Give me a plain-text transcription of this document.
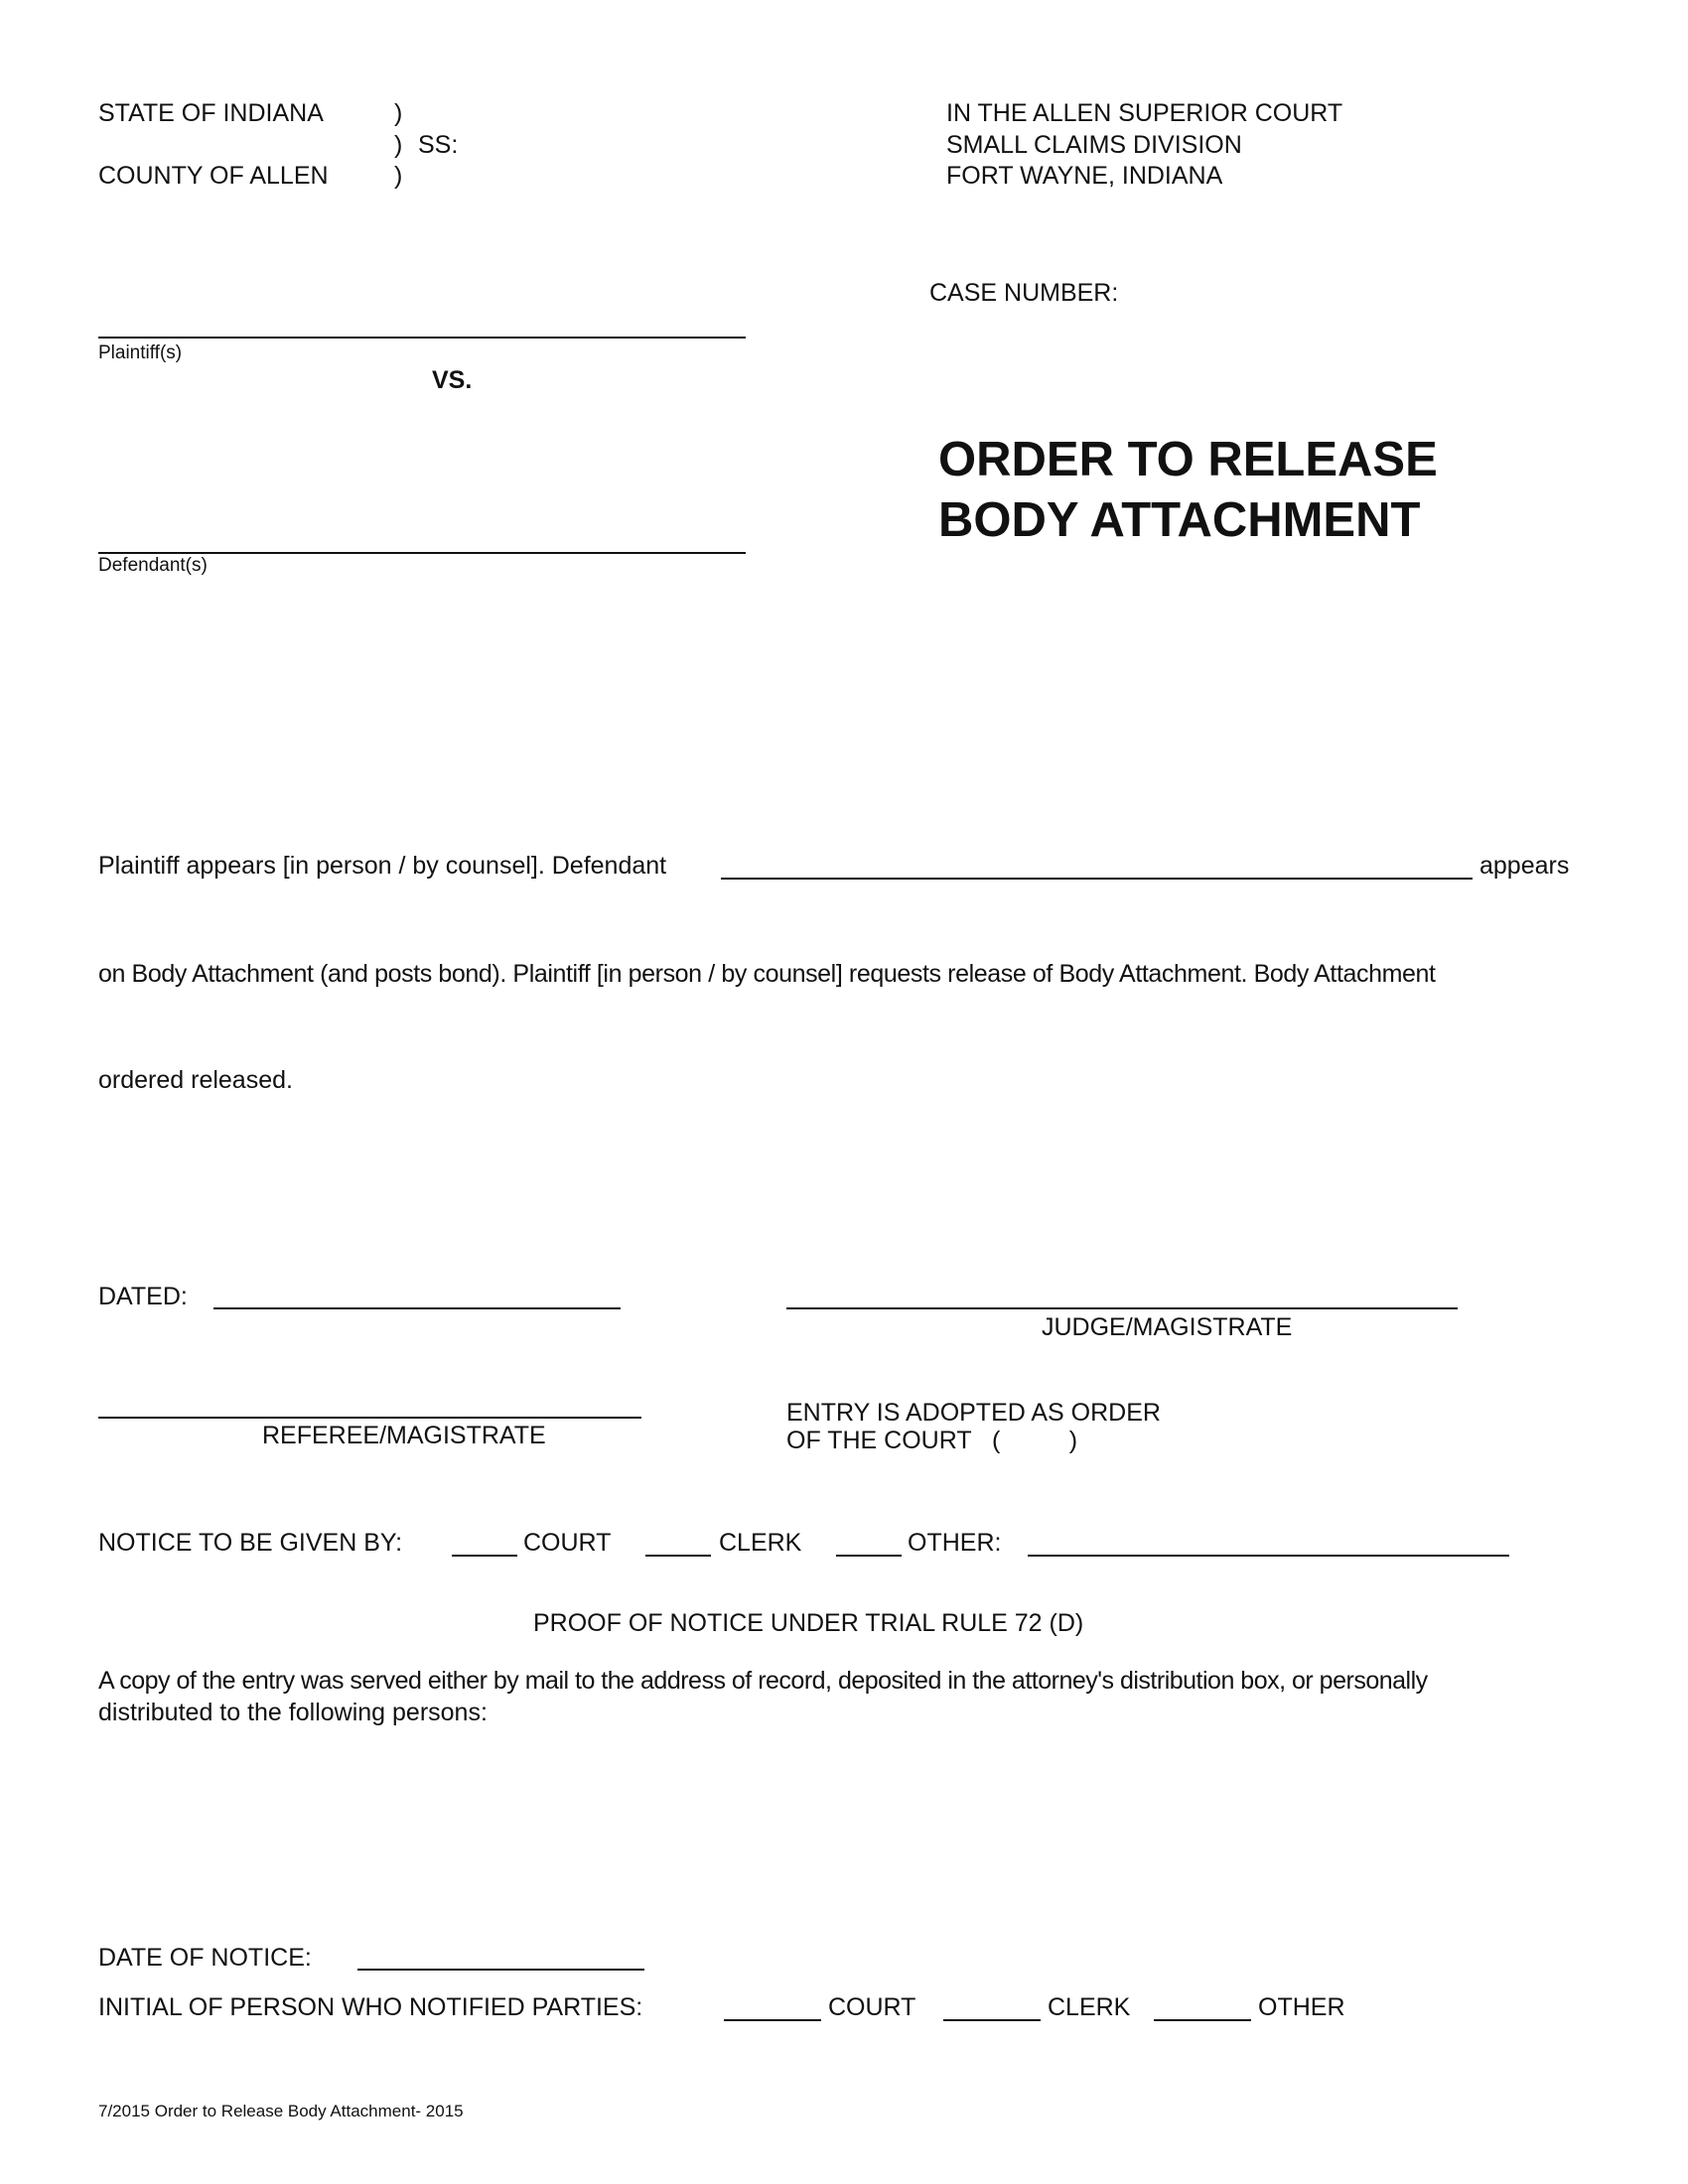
STATE OF INDIANA	)
) SS:
COUNTY OF ALLEN	)
IN THE ALLEN SUPERIOR COURT
SMALL CLAIMS DIVISION
FORT WAYNE, INDIANA
CASE NUMBER:
Plaintiff(s)
VS.
ORDER TO RELEASE
BODY ATTACHMENT
Defendant(s)
Plaintiff appears [in person / by counsel]. Defendant	appears
on Body Attachment (and posts bond). Plaintiff [in person / by counsel] requests release of Body Attachment. Body Attachment
ordered released.
DATED:
JUDGE/MAGISTRATE
REFEREE/MAGISTRATE
ENTRY IS ADOPTED AS ORDER
OF THE COURT   (          )
NOTICE TO BE GIVEN BY:	COURT	CLERK	OTHER:
PROOF OF NOTICE UNDER TRIAL RULE 72 (D)
A copy of the entry was served either by mail to the address of record, deposited in the attorney's distribution box, or personally
distributed to the following persons:
DATE OF NOTICE:
INITIAL OF PERSON WHO NOTIFIED PARTIES:	COURT	CLERK	OTHER
7/2015 Order to Release Body Attachment- 2015
